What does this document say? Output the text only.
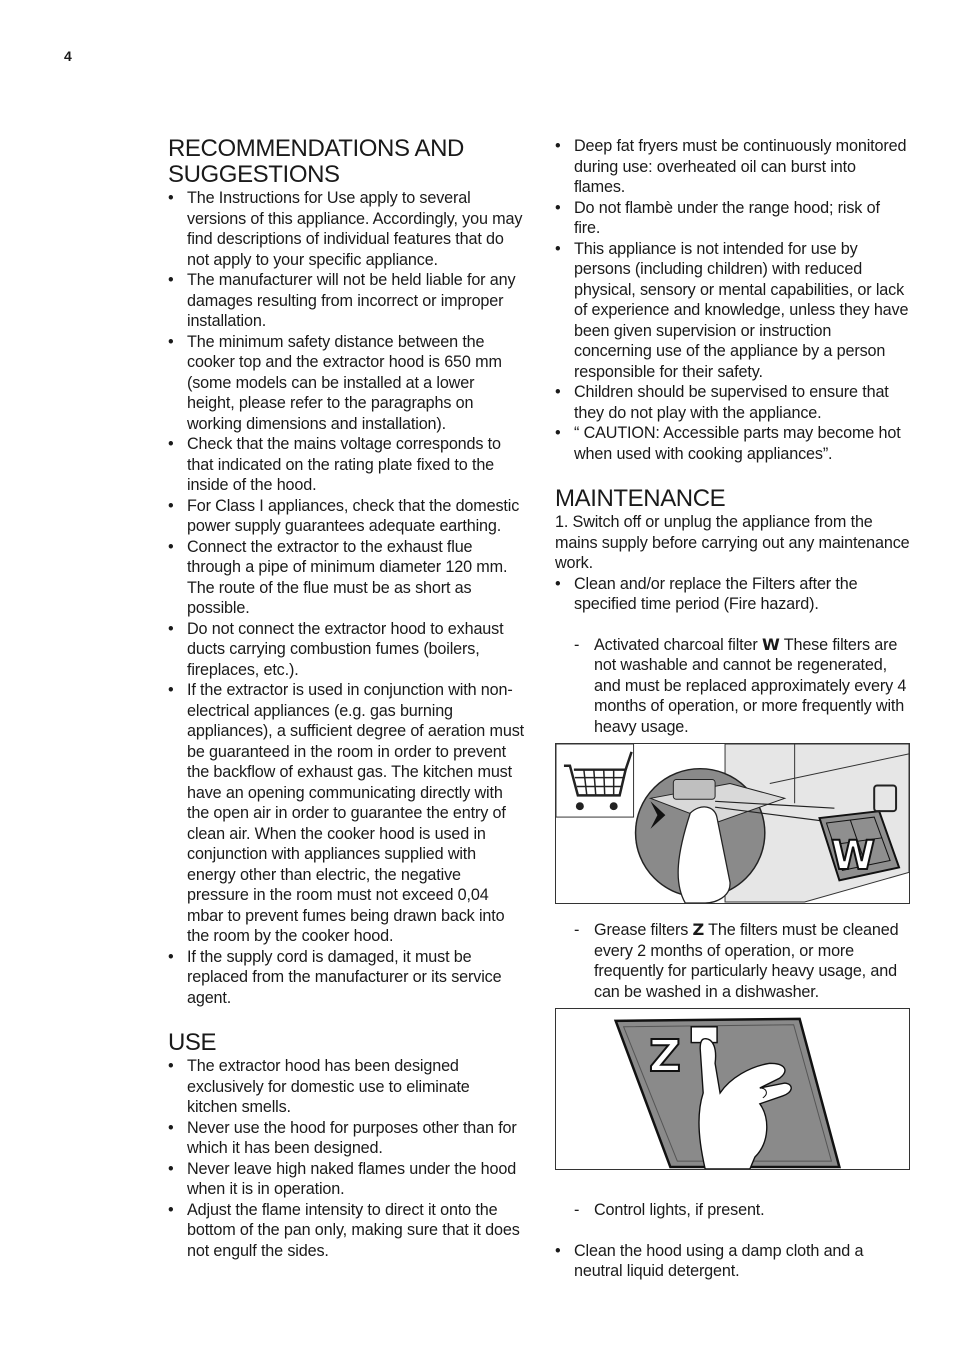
4
RECOMMENDATIONS AND SUGGESTIONS
• The Instructions for Use apply to several versions of this appliance. Accordingly, you may find descriptions of individual features that do not apply to your specific appliance.
• The manufacturer will not be held liable for any damages resulting from incorrect or improper installation.
• The minimum safety distance between the cooker top and the extractor hood is 650 mm (some models can be installed at a lower height, please refer to the paragraphs on working dimensions and installation).
• Check that the mains voltage corresponds to that indicated on the rating plate fixed to the inside of the hood.
• For Class I appliances, check that the domestic power supply guarantees adequate earthing.
• Connect the extractor to the exhaust flue through a pipe of minimum diameter 120 mm. The route of the flue must be as short as possible.
• Do not connect the extractor hood to exhaust ducts carrying combustion fumes (boilers, fireplaces, etc.).
• If the extractor is used in conjunction with non-electrical appliances (e.g. gas burning appliances), a sufficient degree of aeration must be guaranteed in the room in order to prevent the backflow of exhaust gas. The kitchen must have an opening communicating directly with the open air in order to guarantee the entry of clean air. When the cooker hood is used in conjunction with appliances supplied with energy other than electric, the negative pressure in the room must not exceed 0,04 mbar to prevent fumes being drawn back into the room by the cooker hood.
• If the supply cord is damaged, it must be replaced from the manufacturer or its service agent.
USE
• The extractor hood has been designed exclusively for domestic use to eliminate kitchen smells.
• Never use the hood for purposes other than for which it has been designed.
• Never leave high naked flames under the hood when it is in operation.
• Adjust the flame intensity to direct it onto the bottom of the pan only, making sure that it does not engulf the sides.
• Deep fat fryers must be continuously monitored during use: overheated oil can burst into flames.
• Do not flambè under the range hood; risk of fire.
• This appliance is not intended for use by persons (including children) with reduced physical, sensory or mental capabilities, or lack of experience and knowledge, unless they have been given supervision or instruction concerning use of the appliance by a person responsible for their safety.
• Children should be supervised to ensure that they do not play with the appliance.
• “ CAUTION: Accessible parts may become hot when used with cooking appliances”.
MAINTENANCE

1. Switch off or unplug the appliance from the mains supply before carrying out any maintenance work.

• Clean and/or replace the Filters after the specified time period (Fire hazard).
- Activated charcoal filter W These filters are not washable and cannot be regenerated, and must be replaced approximately every 4 months of operation, or more frequently with heavy usage.
W
- Grease filters Z The filters must be cleaned every 2 months of operation, or more frequently for particularly heavy usage, and can be washed in a dishwasher.
Z
- Control lights, if present.
• Clean the hood using a damp cloth and a neutral liquid detergent.
